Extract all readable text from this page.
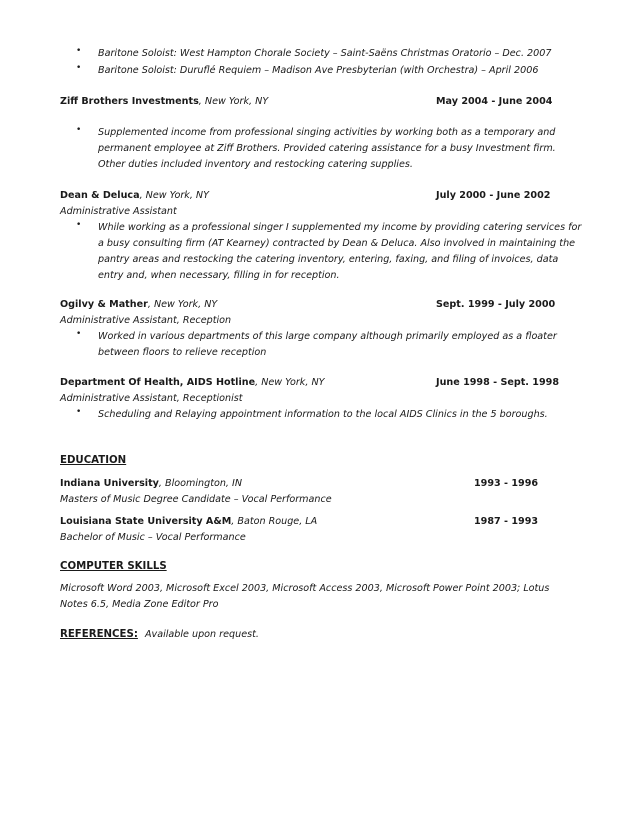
• Baritone Soloist: West Hampton Chorale Society – Saint-Saëns Christmas Oratorio – Dec. 2007
• Baritone Soloist: Duruflé Requiem – Madison Ave Presbyterian (with Orchestra) – April 2006
Ziff Brothers Investments, New York, NY	May 2004 - June 2004
• Supplemented income from professional singing activities by working both as a temporary and permanent employee at Ziff Brothers. Provided catering assistance for a busy Investment firm. Other duties included inventory and restocking catering supplies.
Dean & Deluca, New York, NY	July 2000 - June 2002
Administrative Assistant
• While working as a professional singer I supplemented my income by providing catering services for a busy consulting firm (AT Kearney) contracted by Dean & Deluca. Also involved in maintaining the pantry areas and restocking the catering inventory, entering, faxing, and filing of invoices, data entry and, when necessary, filling in for reception.
Ogilvy & Mather, New York, NY	Sept. 1999 - July 2000
Administrative Assistant, Reception
• Worked in various departments of this large company although primarily employed as a floater between floors to relieve reception
Department Of Health, AIDS Hotline, New York, NY	June 1998 - Sept. 1998
Administrative Assistant, Receptionist
• Scheduling and Relaying appointment information to the local AIDS Clinics in the 5 boroughs.
EDUCATION
Indiana University, Bloomington, IN	1993 - 1996
Masters of Music Degree Candidate – Vocal Performance
Louisiana State University A&M, Baton Rouge, LA	1987 - 1993
Bachelor of Music – Vocal Performance
COMPUTER SKILLS
Microsoft Word 2003, Microsoft Excel 2003, Microsoft Access 2003, Microsoft Power Point 2003; Lotus
Notes 6.5, Media Zone Editor Pro
REFERENCES: Available upon request.
